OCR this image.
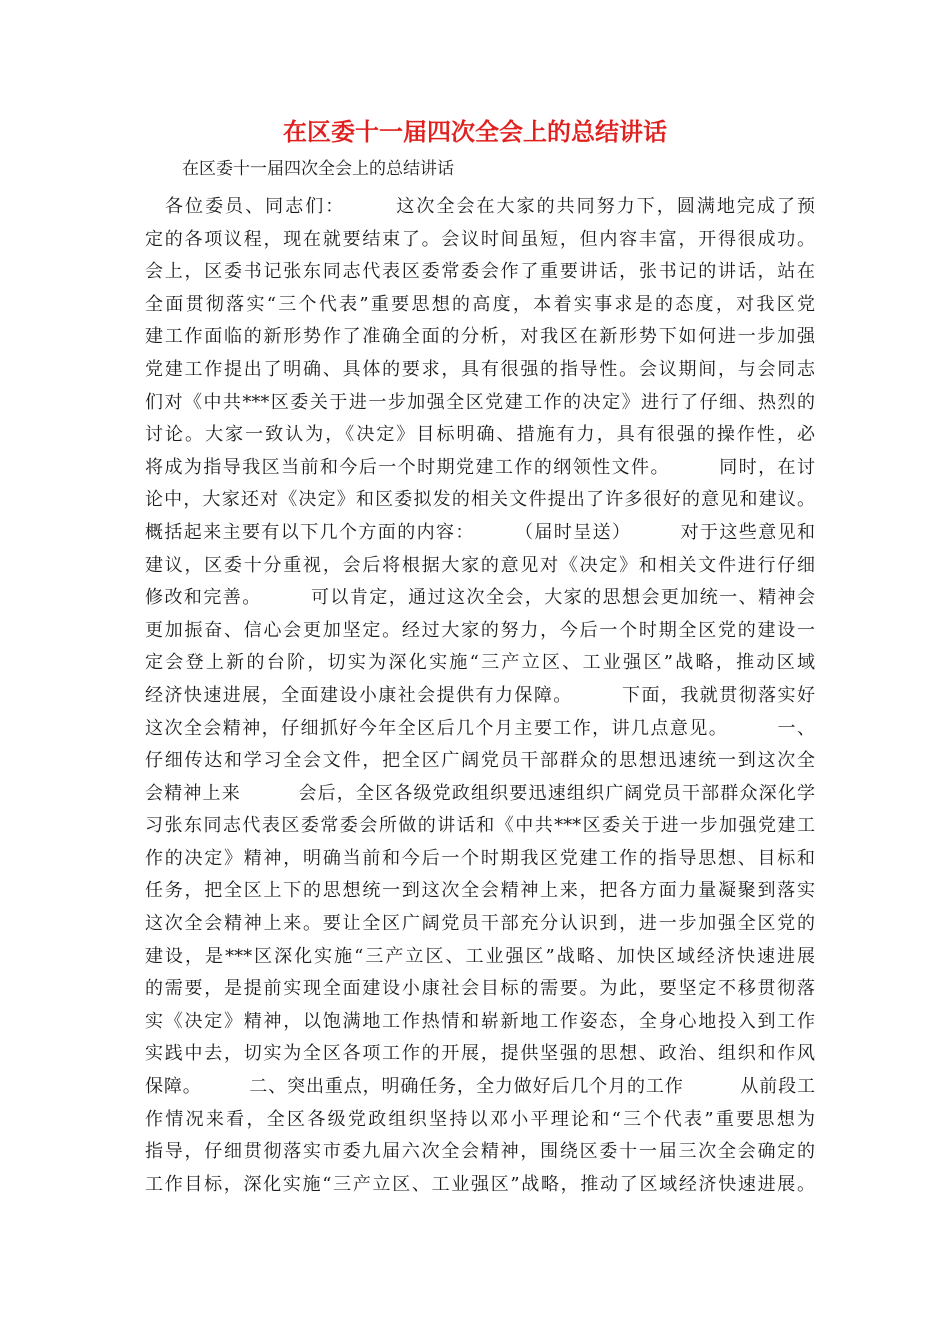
在区委十一届四次全会上的总结讲话
在区委十一届四次全会上的总结讲话
　各位委员、同志们：　　　这次全会在大家的共同努力下，圆满地完成了预
定的各项议程，现在就要结束了。会议时间虽短，但内容丰富，开得很成功。
会上，区委书记张东同志代表区委常委会作了重要讲话，张书记的讲话，站在
全面贯彻落实“三个代表”重要思想的高度，本着实事求是的态度，对我区党
建工作面临的新形势作了准确全面的分析，对我区在新形势下如何进一步加强
党建工作提出了明确、具体的要求，具有很强的指导性。会议期间，与会同志
们对《中共***区委关于进一步加强全区党建工作的决定》进行了仔细、热烈的
讨论。大家一致认为，《决定》目标明确、措施有力，具有很强的操作性，必
将成为指导我区当前和今后一个时期党建工作的纲领性文件。　　　同时，在讨
论中，大家还对《决定》和区委拟发的相关文件提出了许多很好的意见和建议。
概括起来主要有以下几个方面的内容：　　　（届时呈送）　　　对于这些意见和
建议，区委十分重视，会后将根据大家的意见对《决定》和相关文件进行仔细
修改和完善。　　　可以肯定，通过这次全会，大家的思想会更加统一、精神会
更加振奋、信心会更加坚定。经过大家的努力，今后一个时期全区党的建设一
定会登上新的台阶，切实为深化实施“三产立区、工业强区”战略，推动区域
经济快速进展，全面建设小康社会提供有力保障。　　　下面，我就贯彻落实好
这次全会精神，仔细抓好今年全区后几个月主要工作，讲几点意见。　　　一、
仔细传达和学习全会文件，把全区广阔党员干部群众的思想迅速统一到这次全
会精神上来　　　会后，全区各级党政组织要迅速组织广阔党员干部群众深化学
习张东同志代表区委常委会所做的讲话和《中共***区委关于进一步加强党建工
作的决定》精神，明确当前和今后一个时期我区党建工作的指导思想、目标和
任务，把全区上下的思想统一到这次全会精神上来，把各方面力量凝聚到落实
这次全会精神上来。要让全区广阔党员干部充分认识到，进一步加强全区党的
建设，是***区深化实施“三产立区、工业强区”战略、加快区域经济快速进展
的需要，是提前实现全面建设小康社会目标的需要。为此，要坚定不移贯彻落
实《决定》精神，以饱满地工作热情和崭新地工作姿态，全身心地投入到工作
实践中去，切实为全区各项工作的开展，提供坚强的思想、政治、组织和作风
保障。　　　二、突出重点，明确任务，全力做好后几个月的工作　　　从前段工
作情况来看，全区各级党政组织坚持以邓小平理论和“三个代表”重要思想为
指导，仔细贯彻落实市委九届六次全会精神，围绕区委十一届三次全会确定的
工作目标，深化实施“三产立区、工业强区”战略，推动了区域经济快速进展。
